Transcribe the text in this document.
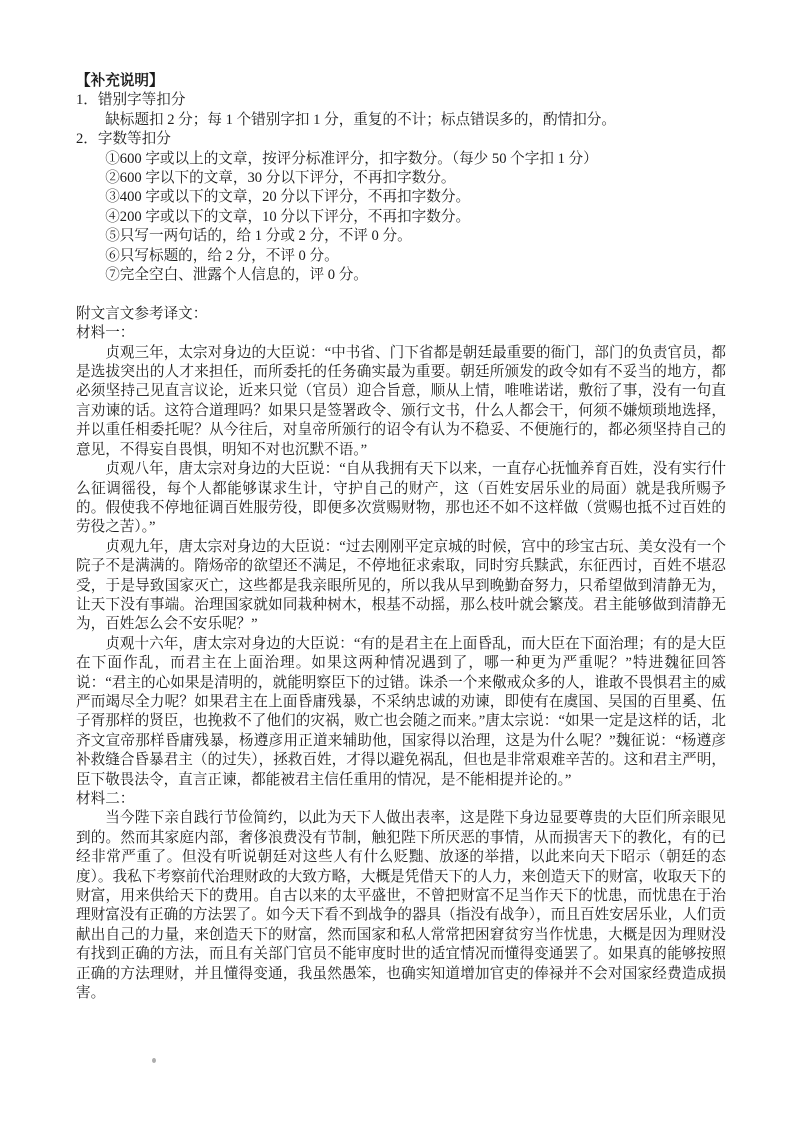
【补充说明】
1．错别字等扣分
缺标题扣 2 分；每 1 个错别字扣 1 分，重复的不计；标点错误多的，酌情扣分。
2．字数等扣分
①600 字或以上的文章，按评分标准评分，扣字数分。（每少 50 个字扣 1 分）
②600 字以下的文章，30 分以下评分，不再扣字数分。
③400 字或以下的文章，20 分以下评分，不再扣字数分。
④200 字或以下的文章，10 分以下评分，不再扣字数分。
⑤只写一两句话的，给 1 分或 2 分，不评 0 分。
⑥只写标题的，给 2 分，不评 0 分。
⑦完全空白、泄露个人信息的，评 0 分。
附文言文参考译文：
材料一：
贞观三年，太宗对身边的大臣说：“中书省、门下省都是朝廷最重要的衙门，部门的负责官员，都是选拔突出的人才来担任，而所委托的任务确实最为重要。朝廷所颁发的政令如有不妥当的地方，都必须坚持己见直言议论，近来只觉（官员）迎合旨意，顺从上情，唯唯诺诺，敷衍了事，没有一句直言劝谏的话。这符合道理吗？如果只是签署政令、颁行文书，什么人都会干，何须不嫌烦琐地选择，并以重任相委托呢？从今往后，对皇帝所颁行的诏令有认为不稳妥、不便施行的，都必须坚持自己的意见，不得妄自畏惧，明知不对也沉默不语。”
贞观八年，唐太宗对身边的大臣说：“自从我拥有天下以来，一直存心抚恤养育百姓，没有实行什么征调徭役，每个人都能够谋求生计，守护自己的财产，这（百姓安居乐业的局面）就是我所赐予的。假使我不停地征调百姓服劳役，即便多次赏赐财物，那也还不如不这样做（赏赐也抵不过百姓的劳役之苦）。”
贞观九年，唐太宗对身边的大臣说：“过去刚刚平定京城的时候，宫中的珍宝古玩、美女没有一个院子不是满满的。隋炀帝的欲望还不满足，不停地征求索取，同时穷兵黩武，东征西讨，百姓不堪忍受，于是导致国家灭亡，这些都是我亲眼所见的，所以我从早到晚勤奋努力，只希望做到清静无为，让天下没有事端。治理国家就如同栽种树木，根基不动摇，那么枝叶就会繁茂。君主能够做到清静无为，百姓怎么会不安乐呢？”
贞观十六年，唐太宗对身边的大臣说：“有的是君主在上面昏乱，而大臣在下面治理；有的是大臣在下面作乱，而君主在上面治理。如果这两种情况遇到了，哪一种更为严重呢？”特进魏征回答说：“君主的心如果是清明的，就能明察臣下的过错。诛杀一个来儆戒众多的人，谁敢不畏惧君主的威严而竭尽全力呢？如果君主在上面昏庸残暴，不采纳忠诚的劝谏，即使有在虞国、吴国的百里奚、伍子胥那样的贤臣，也挽救不了他们的灾祸，败亡也会随之而来。”唐太宗说：“如果一定是这样的话，北齐文宣帝那样昏庸残暴，杨遵彦用正道来辅助他，国家得以治理，这是为什么呢？”魏征说：“杨遵彦补救缝合昏暴君主（的过失），拯救百姓，才得以避免祸乱，但也是非常艰难辛苦的。这和君主严明，臣下敬畏法令，直言正谏，都能被君主信任重用的情况，是不能相提并论的。”
材料二：
当今陛下亲自践行节俭简约，以此为天下人做出表率，这是陛下身边显要尊贵的大臣们所亲眼见到的。然而其家庭内部，奢侈浪费没有节制，触犯陛下所厌恶的事情，从而损害天下的教化，有的已经非常严重了。但没有听说朝廷对这些人有什么贬黜、放逐的举措，以此来向天下昭示（朝廷的态度）。我私下考察前代治理财政的大致方略，大概是凭借天下的人力，来创造天下的财富，收取天下的财富，用来供给天下的费用。自古以来的太平盛世，不曾把财富不足当作天下的忧患，而忧患在于治理财富没有正确的方法罢了。如今天下看不到战争的器具（指没有战争），而且百姓安居乐业，人们贡献出自己的力量，来创造天下的财富，然而国家和私人常常把困窘贫穷当作忧患，大概是因为理财没有找到正确的方法，而且有关部门官员不能审度时世的适宜情况而懂得变通罢了。如果真的能够按照正确的方法理财，并且懂得变通，我虽然愚笨，也确实知道增加官吏的俸禄并不会对国家经费造成损害。
